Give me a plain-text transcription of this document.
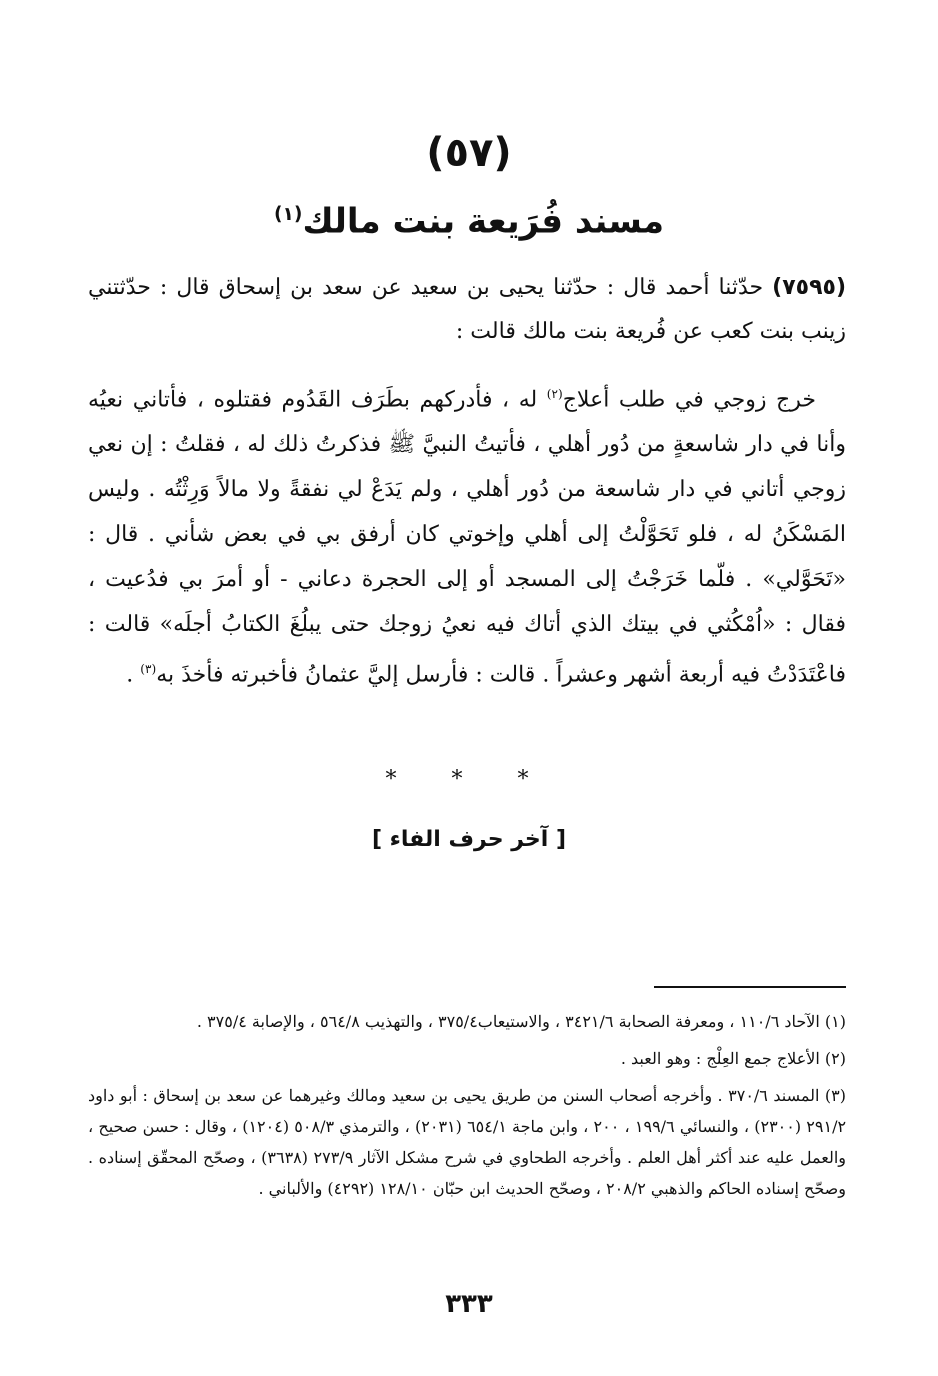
(٥٧)
مسند فُرَيعة بنت مالك$^{(١)}$
(٧٥٩٥) حدّثنا أحمد قال : حدّثنا يحيى بن سعيد عن سعد بن إسحاق قال : حدّثتني زينب بنت كعب عن فُريعة بنت مالك قالت :
خرج زوجي في طلب أعلاج$^{(٢)}$ له ، فأدركهم بطَرَف القَدُوم فقتلوه ، فأتاني نعيُه وأنا في دار شاسعةٍ من دُور أهلي ، فأتيتُ النبيَّ ﷺ فذكرتُ ذلك له ، فقلتُ : إن نعي زوجي أتاني في دار شاسعة من دُور أهلي ، ولم يَدَعْ لي نفقةً ولا مالاً وَرِثْتُه . وليس المَسْكَنُ له ، فلو تَحَوَّلْتُ إلى أهلي وإخوتي كان أرفق بي في بعض شأني . قال : «تَحَوَّلي» . فلّما خَرَجْتُ إلى المسجد أو إلى الحجرة دعاني - أو أمرَ بي فدُعيت ، فقال : «اُمْكُثي في بيتك الذي أتاك فيه نعيُ زوجك حتى يبلُغَ الكتابُ أجلَه» قالت : فاعْتَدَدْتُ فيه أربعة أشهر وعشراً . قالت : فأرسل إليَّ عثمانُ فأخبرته فأخذَ به$^{(٣)}$ .
* * *
[ آخر حرف الفاء ]

(١) الآحاد ١١٠/٦ ، ومعرفة الصحابة ٣٤٢١/٦ ، والاستيعاب٣٧٥/٤ ، والتهذيب ٥٦٤/٨ ، والإصابة ٣٧٥/٤ .

(٢) الأعلاج جمع العِلْج : وهو العبد .

(٣) المسند ٣٧٠/٦ . وأخرجه أصحاب السنن من طريق يحيى بن سعيد ومالك وغيرهما عن سعد بن إسحاق : أبو داود ٢٩١/٢ (٢٣٠٠) ، والنسائي ١٩٩/٦ ، ٢٠٠ ، وابن ماجة ٦٥٤/١ (٢٠٣١) ، والترمذي ٥٠٨/٣ (١٢٠٤) ، وقال : حسن صحيح ، والعمل عليه عند أكثر أهل العلم . وأخرجه الطحاوي في شرح مشكل الآثار ٢٧٣/٩ (٣٦٣٨) ، وصحّح المحقّق إسناده . وصحّح إسناده الحاكم والذهبي ٢٠٨/٢ ، وصحّح الحديث ابن حبّان ١٢٨/١٠ (٤٢٩٢) والألباني .

٣٣٣
